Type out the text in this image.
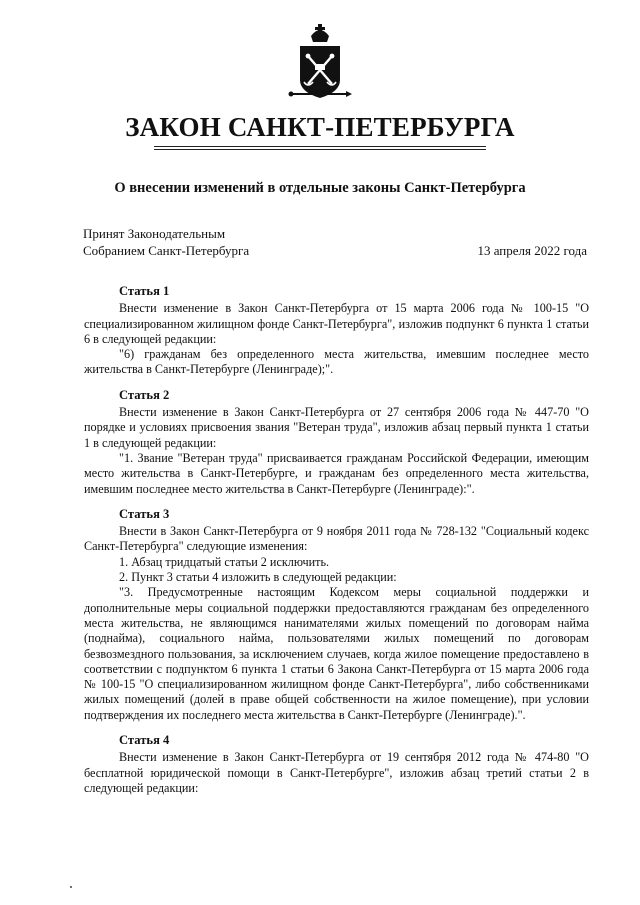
ЗАКОН САНКТ-ПЕТЕРБУРГА
О внесении изменений в отдельные законы Санкт-Петербурга
Принят Законодательным
Собранием Санкт-Петербурга	13 апреля 2022 года
Статья 1

Внести изменение в Закон Санкт-Петербурга от 15 марта 2006 года № 100-15 "О специализированном жилищном фонде Санкт-Петербурга", изложив подпункт 6 пункта 1 статьи 6 в следующей редакции:

"6) гражданам без определенного места жительства, имевшим последнее место жительства в Санкт-Петербурге (Ленинграде);".

Статья 2

Внести изменение в Закон Санкт-Петербурга от 27 сентября 2006 года № 447-70 "О порядке и условиях присвоения звания "Ветеран труда", изложив абзац первый пункта 1 статьи 1 в следующей редакции:

"1. Звание "Ветеран труда" присваивается гражданам Российской Федерации, имеющим место жительства в Санкт-Петербурге, и гражданам без определенного места жительства, имевшим последнее место жительства в Санкт-Петербурге (Ленинграде):".

Статья 3

Внести в Закон Санкт-Петербурга от 9 ноября 2011 года № 728-132 "Социальный кодекс Санкт-Петербурга" следующие изменения:

1. Абзац тридцатый статьи 2 исключить.

2. Пункт 3 статьи 4 изложить в следующей редакции:

"3. Предусмотренные настоящим Кодексом меры социальной поддержки и дополнительные меры социальной поддержки предоставляются гражданам без определенного места жительства, не являющимся нанимателями жилых помещений по договорам найма (поднайма), социального найма, пользователями жилых помещений по договорам безвозмездного пользования, за исключением случаев, когда жилое помещение предоставлено в соответствии с подпунктом 6 пункта 1 статьи 6 Закона Санкт-Петербурга от 15 марта 2006 года № 100-15 "О специализированном жилищном фонде Санкт-Петербурга", либо собственниками жилых помещений (долей в праве общей собственности на жилое помещение), при условии подтверждения их последнего места жительства в Санкт-Петербурге (Ленинграде).".

Статья 4

Внести изменение в Закон Санкт-Петербурга от 19 сентября 2012 года № 474-80 "О бесплатной юридической помощи в Санкт-Петербурге", изложив абзац третий статьи 2 в следующей редакции:
